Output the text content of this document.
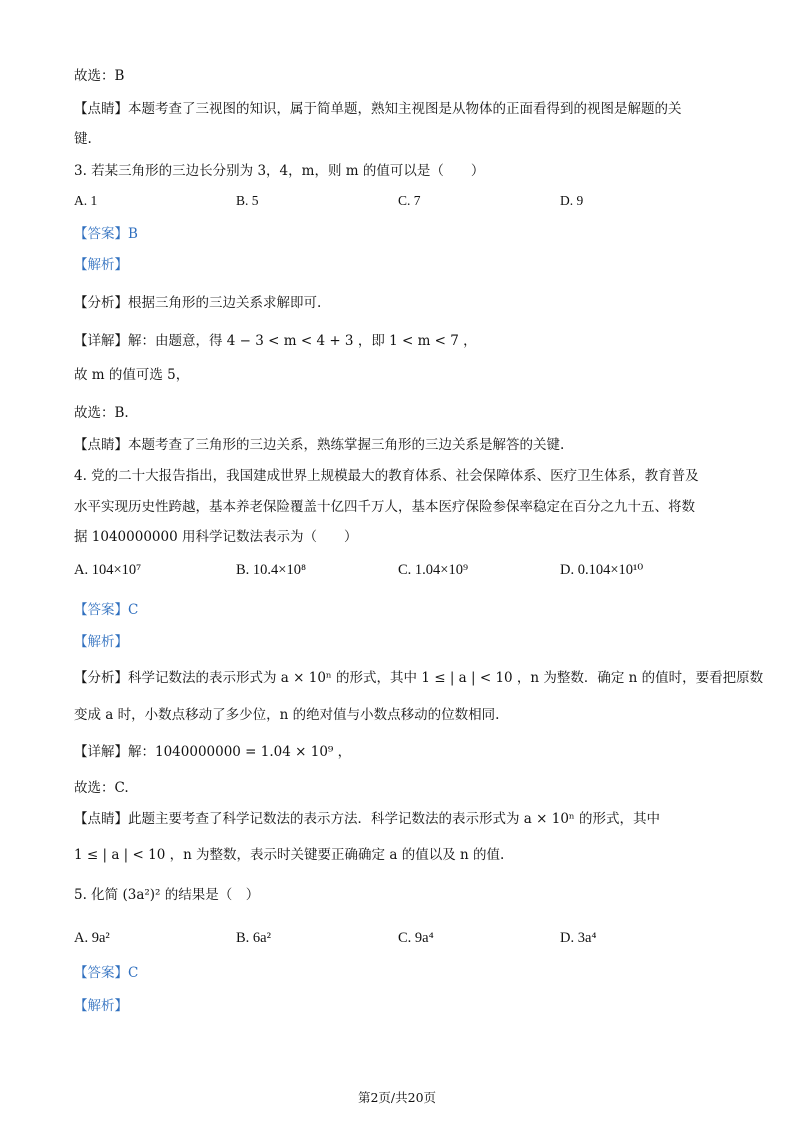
故选：B
【点睛】本题考查了三视图的知识，属于简单题，熟知主视图是从物体的正面看得到的视图是解题的关
键.
3. 若某三角形的三边长分别为 3，4，m，则 m 的值可以是（　　）
A. 1	B. 5	C. 7	D. 9
【答案】B
【解析】
【分析】根据三角形的三边关系求解即可.
【详解】解：由题意，得 4 − 3 < m < 4 + 3 ，即 1 < m < 7 ，
故 m 的值可选 5，
故选：B.
【点睛】本题考查了三角形的三边关系，熟练掌握三角形的三边关系是解答的关键.
4. 党的二十大报告指出，我国建成世界上规模最大的教育体系、社会保障体系、医疗卫生体系，教育普及
水平实现历史性跨越，基本养老保险覆盖十亿四千万人，基本医疗保险参保率稳定在百分之九十五、将数
据 1040000000 用科学记数法表示为（　　）
A. 104×10⁷	B. 10.4×10⁸	C. 1.04×10⁹	D. 0.104×10¹⁰
【答案】C
【解析】
【分析】科学记数法的表示形式为 a × 10ⁿ 的形式，其中 1 ≤ | a | < 10 ，n 为整数．确定 n 的值时，要看把原数
变成 a 时，小数点移动了多少位，n 的绝对值与小数点移动的位数相同.
【详解】解：1040000000 = 1.04 × 10⁹ ，
故选：C.
【点睛】此题主要考查了科学记数法的表示方法．科学记数法的表示形式为 a × 10ⁿ 的形式，其中
1 ≤ | a | < 10 ，n 为整数，表示时关键要正确确定 a 的值以及 n 的值.
5. 化简 (3a²)² 的结果是（　）
A. 9a²	B. 6a²	C. 9a⁴	D. 3a⁴
【答案】C
【解析】
第2页/共20页
